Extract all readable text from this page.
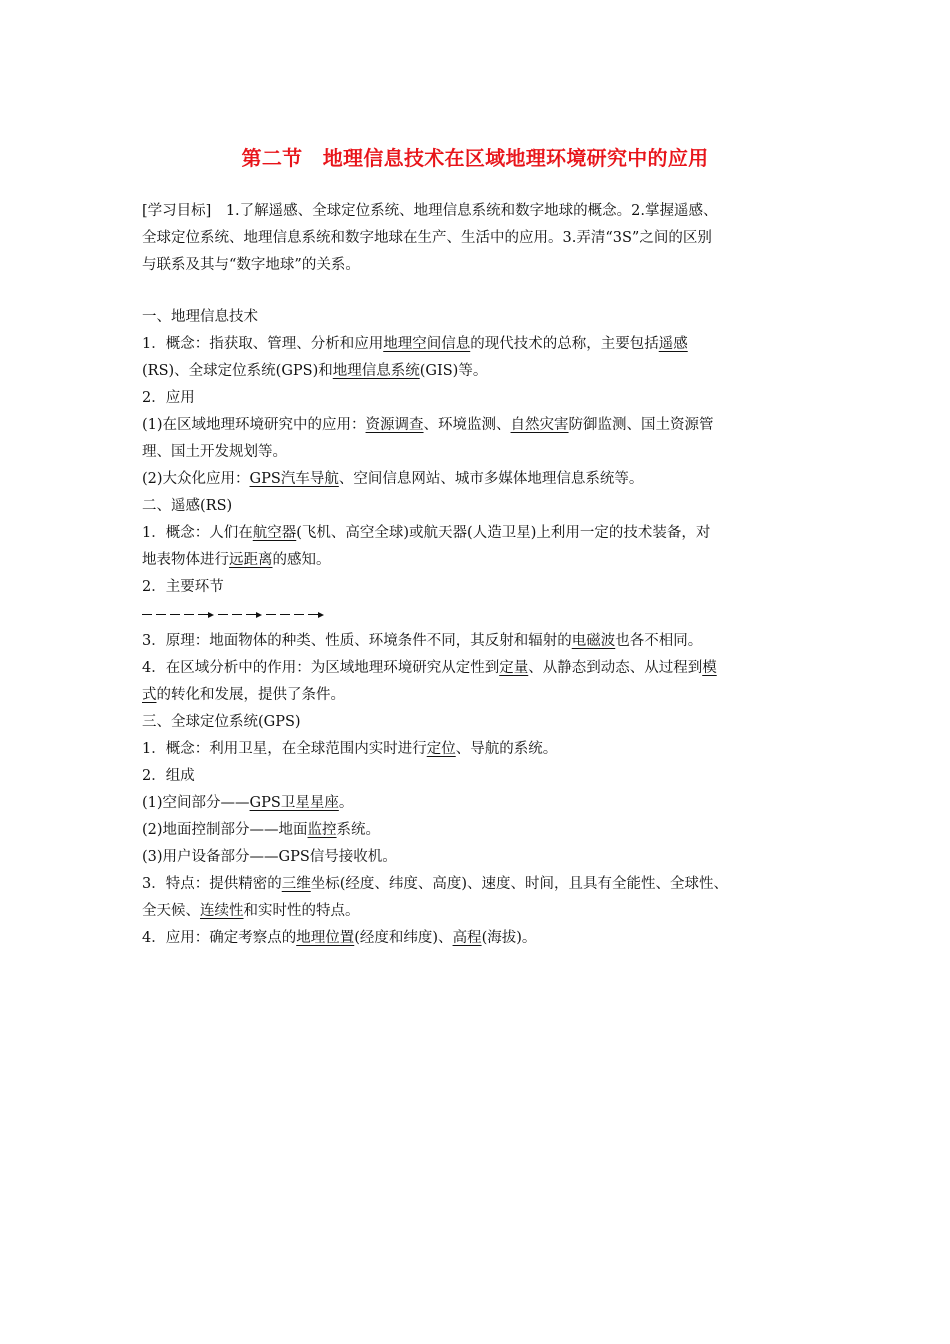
第二节　地理信息技术在区域地理环境研究中的应用
[学习目标]　1.了解遥感、全球定位系统、地理信息系统和数字地球的概念。2.掌握遥感、
全球定位系统、地理信息系统和数字地球在生产、生活中的应用。3.弄清“3S”之间的区别
与联系及其与“数字地球”的关系。
一、地理信息技术
1．概念：指获取、管理、分析和应用地理空间信息的现代技术的总称，主要包括遥感
(RS)、全球定位系统(GPS)和地理信息系统(GIS)等。
2．应用
(1)在区域地理环境研究中的应用：资源调查、环境监测、自然灾害防御监测、国土资源管
理、国土开发规划等。
(2)大众化应用：GPS汽车导航、空间信息网站、城市多媒体地理信息系统等。
二、遥感(RS)
1．概念：人们在航空器(飞机、高空全球)或航天器(人造卫星)上利用一定的技术装备，对
地表物体进行远距离的感知。
2．主要环节
3．原理：地面物体的种类、性质、环境条件不同，其反射和辐射的电磁波也各不相同。
4．在区域分析中的作用：为区域地理环境研究从定性到定量、从静态到动态、从过程到模
式的转化和发展，提供了条件。
三、全球定位系统(GPS)
1．概念：利用卫星，在全球范围内实时进行定位、导航的系统。
2．组成
(1)空间部分——GPS卫星星座。
(2)地面控制部分——地面监控系统。
(3)用户设备部分——GPS信号接收机。
3．特点：提供精密的三维坐标(经度、纬度、高度)、速度、时间，且具有全能性、全球性、
全天候、连续性和实时性的特点。
4．应用：确定考察点的地理位置(经度和纬度)、高程(海拔)。
